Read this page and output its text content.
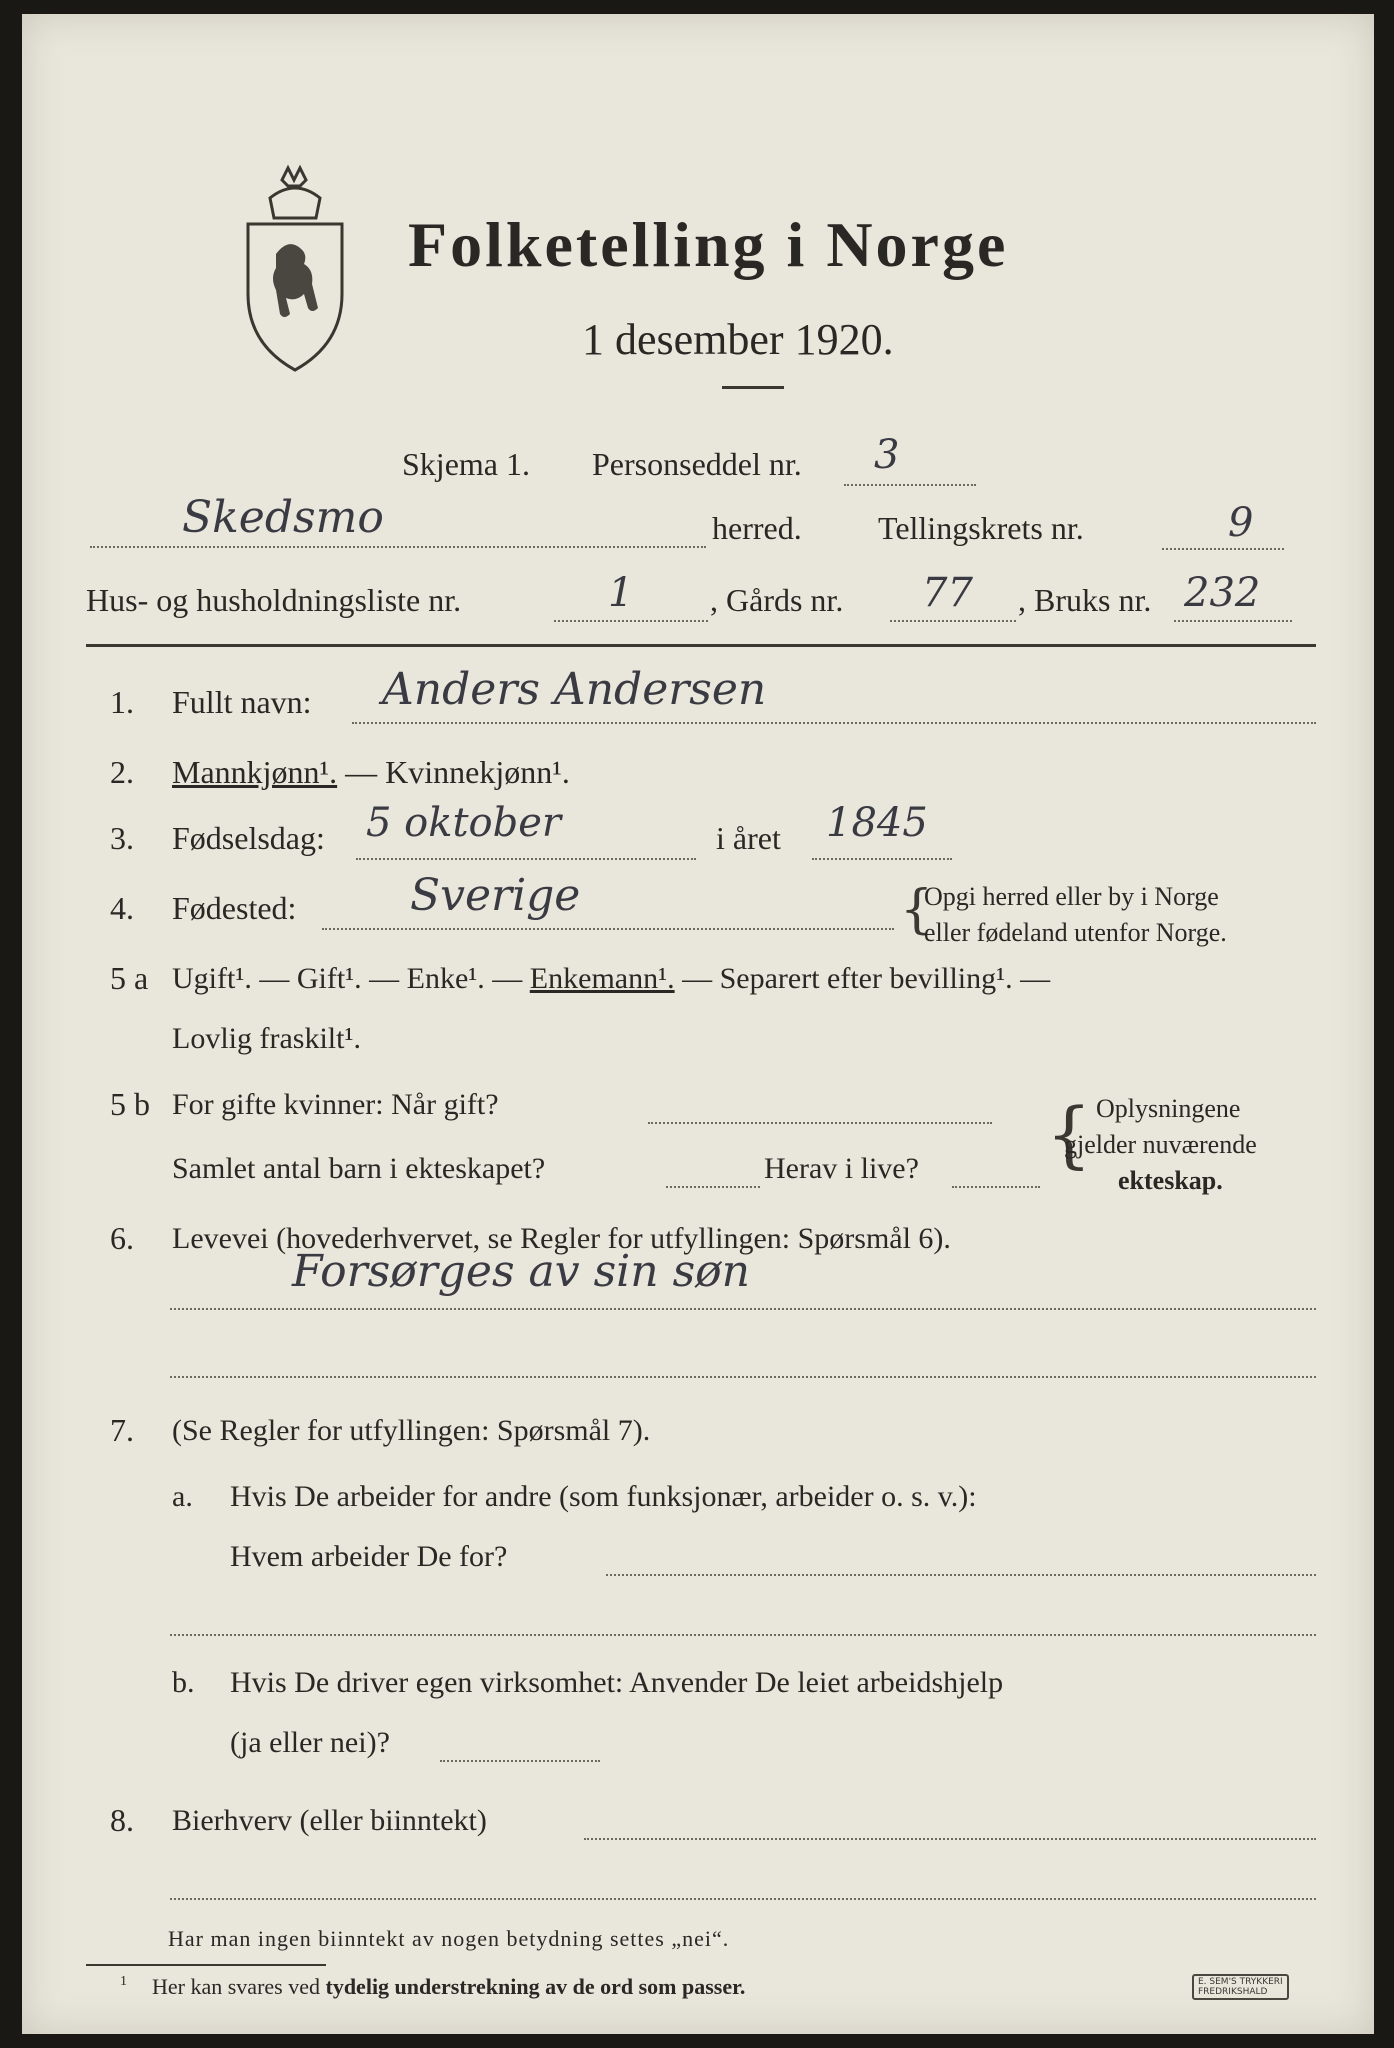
Folketelling i Norge
1 desember 1920.
Skjema 1. Personseddel nr. 3
Skedsmo	herred. Tellingskrets nr.	9
Hus- og husholdningsliste nr.	1 , Gårds nr. 77 , Bruks nr. 232
1. Fullt navn: Anders Andersen
2. Mannkjønn¹. — Kvinnekjønn¹.
3. Fødselsdag: 5 oktober	i året 1845
4. Fødested:	Sverige	{
Opgi herred eller by i Norge
eller fødeland utenfor Norge.
5 a Ugift¹. — Gift¹. — Enke¹. — Enkemann¹. — Separert efter bevilling¹. —
Lovlig fraskilt¹.
5 b For gifte kvinner: Når gift?
Samlet antal barn i ekteskapet?	Herav i live? { Oplysningene
gjelder nuværende
ekteskap.
6. Levevei (hovederhvervet, se Regler for utfyllingen: Spørsmål 6).
Forsørges av sin søn
7. (Se Regler for utfyllingen: Spørsmål 7).
a. Hvis De arbeider for andre (som funksjonær, arbeider o. s. v.):
Hvem arbeider De for?
b. Hvis De driver egen virksomhet: Anvender De leiet arbeidshjelp
(ja eller nei)?
8. Bierhverv (eller biinntekt)
Har man ingen biinntekt av nogen betydning settes „nei“.
1 Her kan svares ved tydelig understrekning av de ord som passer.	E. SEM'S TRYKKERI
FREDRIKSHALD
